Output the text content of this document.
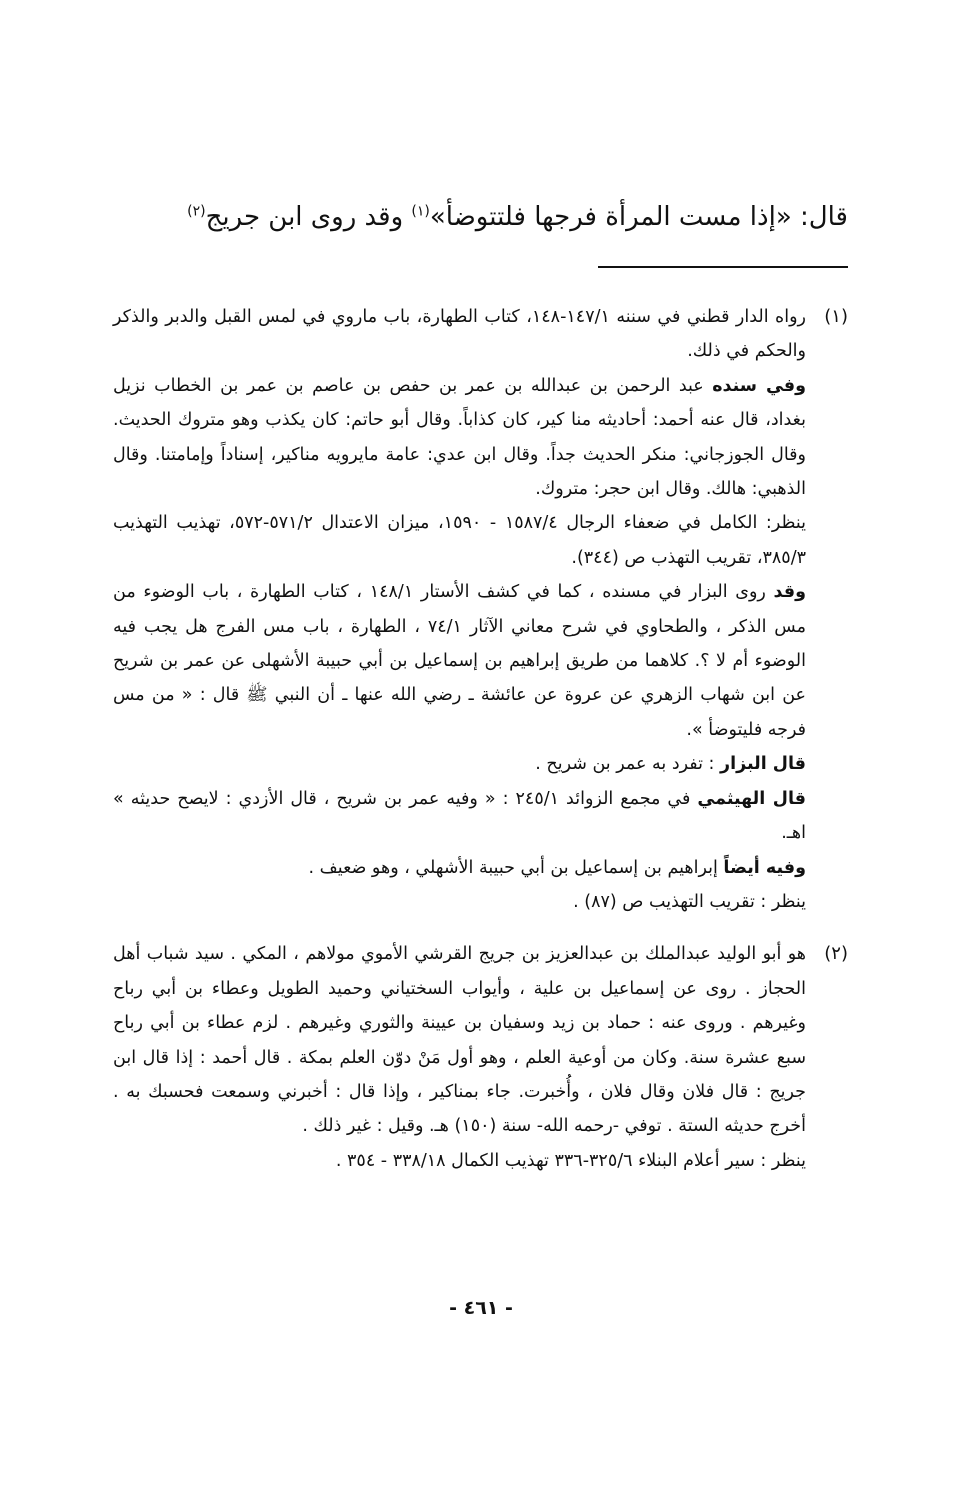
قال: «إذا مست المرأة فرجها فلتتوضأ»$^{(١)}$ وقد روى ابن جريج$^{(٢)}$
(١)

رواه الدار قطني في سننه ١٤٧/١-١٤٨، كتاب الطهارة، باب ماروي في لمس القبل والدبر والذكر والحكم في ذلك.

وفي سنده عبد الرحمن بن عبدالله بن عمر بن حفص بن عاصم بن عمر بن الخطاب نزيل بغداد، قال عنه أحمد: أحاديثه منا كير، كان كذاباً. وقال أبو حاتم: كان يكذب وهو متروك الحديث. وقال الجوزجاني: منكر الحديث جداً. وقال ابن عدي: عامة مايرويه مناكير، إسناداً وإمامتنا. وقال الذهبي: هالك. وقال ابن حجر: متروك.

ينظر: الكامل في ضعفاء الرجال ١٥٨٧/٤ - ١٥٩٠، ميزان الاعتدال ٥٧١/٢-٥٧٢، تهذيب التهذيب ٣٨٥/٣، تقريب التهذب ص (٣٤٤).

وقد روى البزار في مسنده ، كما في كشف الأستار ١٤٨/١ ، كتاب الطهارة ، باب الوضوء من مس الذكر ، والطحاوي في شرح معاني الآثار ٧٤/١ ، الطهارة ، باب مس الفرج هل يجب فيه الوضوء أم لا ؟. كلاهما من طريق إبراهيم بن إسماعيل بن أبي حبيبة الأشهلى عن عمر بن شريح عن ابن شهاب الزهري عن عروة عن عائشة ـ رضي الله عنها ـ أن النبي ﷺ قال : « من مس فرجه فليتوضأ ».

قال البزار : تفرد به عمر بن شريح .

قال الهيثمي في مجمع الزوائد ٢٤٥/١ : « وفيه عمر بن شريح ، قال الأزدي : لايصح حديثه » اهـ.

وفيه أيضاً إبراهيم بن إسماعيل بن أبي حبيبة الأشهلي ، وهو ضعيف .

ينظر : تقريب التهذيب ص (٨٧) .

(٢)

هو أبو الوليد عبدالملك بن عبدالعزيز بن جريج القرشي الأموي مولاهم ، المكي . سيد شباب أهل الحجاز . روى عن إسماعيل بن علية ، وأيواب السختياني وحميد الطويل وعطاء بن أبي رباح وغيرهم . وروى عنه : حماد بن زيد وسفيان بن عيينة والثوري وغيرهم . لزم عطاء بن أبي رباح سبع عشرة سنة. وكان من أوعية العلم ، وهو أول مَنْ دوّن العلم بمكة . قال أحمد : إذا قال ابن جريج : قال فلان وقال فلان ، وأُخبرت. جاء بمناكير ، وإذا قال : أخبرني وسمعت فحسبك به . أخرج حديثه الستة . توفي -رحمه الله- سنة (١٥٠) هـ. وقيل : غير ذلك .

ينظر : سير أعلام البنلاء ٣٢٥/٦-٣٣٦ تهذيب الكمال ٣٣٨/١٨ - ٣٥٤ .

- ٤٦١ -
